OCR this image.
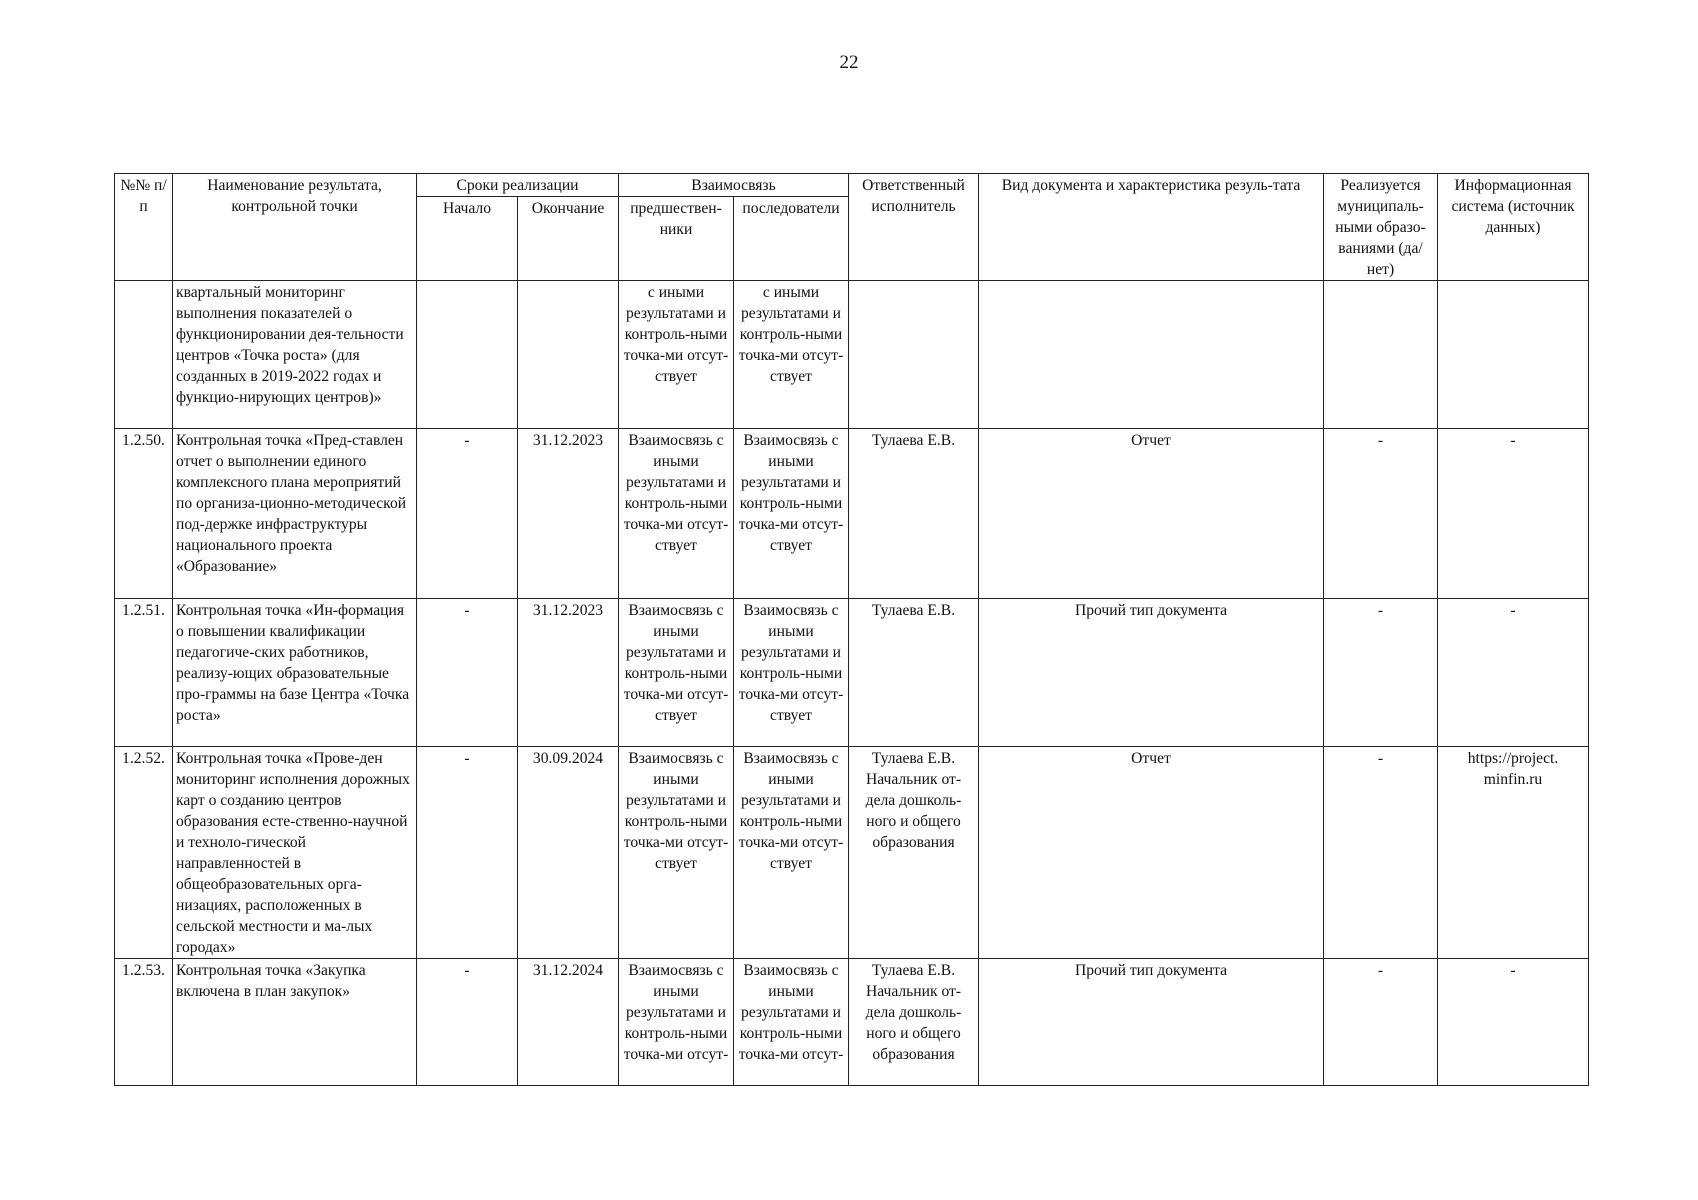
22
№№ п/п	Наименование результата, контрольной точки	Сроки реализации		Взаимосвязь		Ответственный исполнитель	Вид документа и характеристика резуль-тата	Реализуется муниципаль-ными образо-ваниями (да/нет)	Информационная система (источник данных)
		Начало	Окончание	предшествен-ники	последователи				
	квартальный мониторинг выполнения показателей о функционировании дея-тельности центров «Точка роста» (для созданных в 2019-2022 годах и функцио-нирующих центров)»			с иными результатами и контроль-ными точка-ми отсут-ствует	с иными результатами и контроль-ными точка-ми отсут-ствует				
1.2.50.	Контрольная точка «Пред-ставлен отчет о выполнении единого комплексного плана мероприятий по организа-ционно-методической под-держке инфраструктуры национального проекта «Образование»	-	31.12.2023	Взаимосвязь с иными результатами и контроль-ными точка-ми отсут-ствует	Взаимосвязь с иными результатами и контроль-ными точка-ми отсут-ствует	Тулаева Е.В.	Отчет	-	-
1.2.51.	Контрольная точка «Ин-формация о повышении квалификации педагогиче-ских работников, реализу-ющих образовательные про-граммы на базе Центра «Точка роста»	-	31.12.2023	Взаимосвязь с иными результатами и контроль-ными точка-ми отсут-ствует	Взаимосвязь с иными результатами и контроль-ными точка-ми отсут-ствует	Тулаева Е.В.	Прочий тип документа	-	-
1.2.52.	Контрольная точка «Прове-ден мониторинг исполнения дорожных карт о созданию центров образования есте-ственно-научной и техноло-гической направленностей в общеобразовательных орга-низациях, расположенных в сельской местности и ма-лых городах»	-	30.09.2024	Взаимосвязь с иными результатами и контроль-ными точка-ми отсут-ствует	Взаимосвязь с иными результатами и контроль-ными точка-ми отсут-ствует	Тулаева Е.В. Начальник от-дела дошколь-ного и общего образования	Отчет	-	https://project. minfin.ru
1.2.53.	Контрольная точка «Закупка включена в план закупок»	-	31.12.2024	Взаимосвязь с иными результатами и контроль-ными точка-ми отсут-	Взаимосвязь с иными результатами и контроль-ными точка-ми отсут-	Тулаева Е.В. Начальник от-дела дошколь-ного и общего образования	Прочий тип документа	-	-
